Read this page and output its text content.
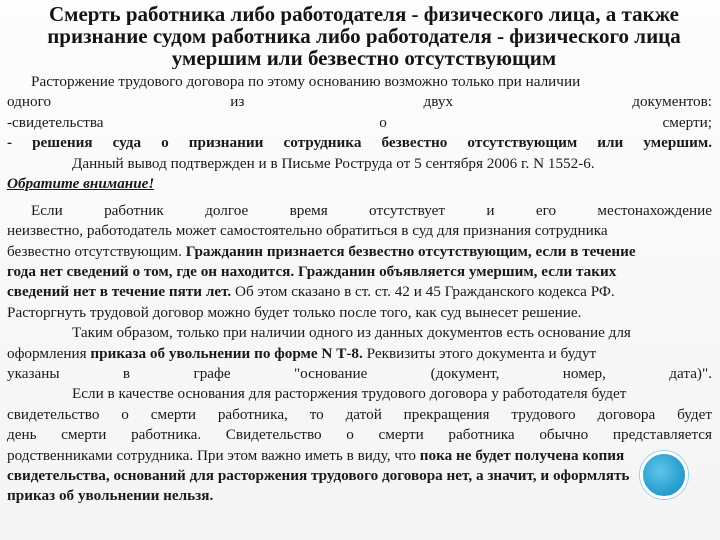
Смерть работника либо работодателя - физического лица, а также
признание судом работника либо работодателя - физического лица
умершим или безвестно отсутствующим
Расторжение трудового договора по этому основанию возможно только при наличии
одного из двух документов:
-свидетельства о смерти;
- решения суда о признании сотрудника безвестно отсутствующим или умершим.
Данный вывод подтвержден и в Письме Роструда от 5 сентября 2006 г. N 1552-6.
Обратите внимание!
Если работник долгое время отсутствует и его местонахождение
неизвестно, работодатель может самостоятельно обратиться в суд для признания сотрудника
безвестно отсутствующим. Гражданин признается безвестно отсутствующим, если в течение
года нет сведений о том, где он находится. Гражданин объявляется умершим, если таких
сведений нет в течение пяти лет. Об этом сказано в ст. ст. 42 и 45 Гражданского кодекса РФ.
Расторгнуть трудовой договор можно будет только после того, как суд вынесет решение.
Таким образом, только при наличии одного из данных документов есть основание для
оформления приказа об увольнении по форме N Т-8. Реквизиты этого документа и будут
указаны в графе "основание (документ, номер, дата)".
Если в качестве основания для расторжения трудового договора у работодателя будет
свидетельство о смерти работника, то датой прекращения трудового договора будет
день смерти работника. Свидетельство о смерти работника обычно представляется
родственниками сотрудника. При этом важно иметь в виду, что пока не будет получена копия
свидетельства, оснований для расторжения трудового договора нет, а значит, и оформлять
приказ об увольнении нельзя.
